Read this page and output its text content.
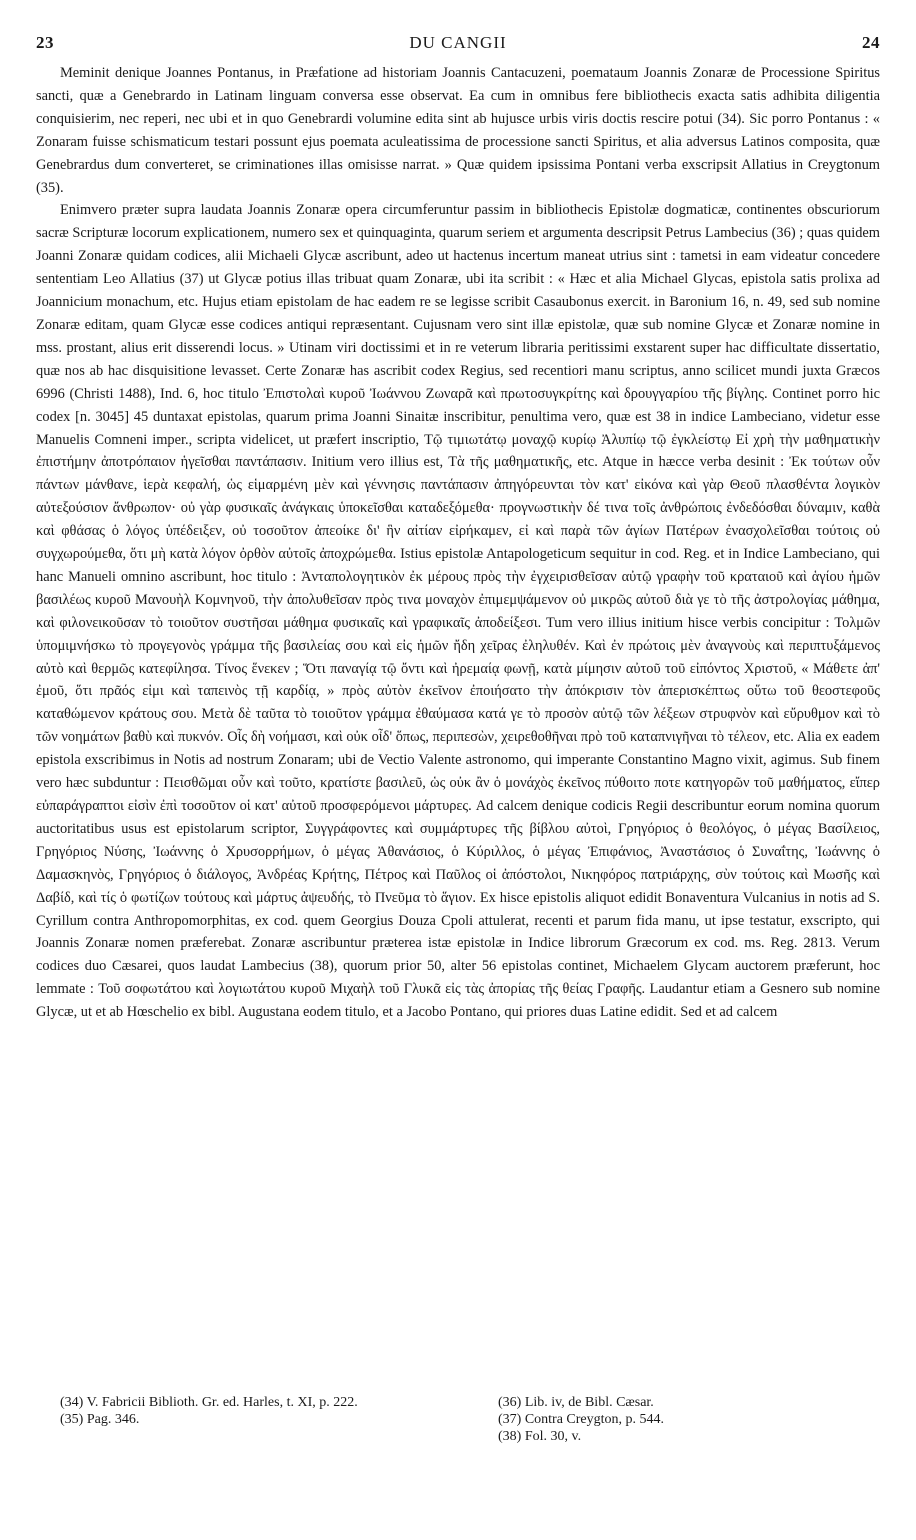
23	DU CANGII	24

Meminit denique Joannes Pontanus, in Præfatione ad historiam Joannis Cantacuzeni, poemataum Joannis Zonaræ de Processione Spiritus sancti, quæ a Genebrardo in Latinam linguam conversa esse observat. Ea cum in omnibus fere bibliothecis exacta satis adhibita diligentia conquisierim, nec reperi, nec ubi et in quo Genebrardi volumine edita sint ab hujusce urbis viris doctis rescire potui (34). Sic porro Pontanus : « Zonaram fuisse schismaticum testari possunt ejus poemata aculeatissima de processione sancti Spiritus, et alia adversus Latinos composita, quæ Genebrardus dum converteret, se criminationes illas omisisse narrat. » Quæ quidem ipsissima Pontani verba exscripsit Allatius in Creygtonum (35).

Enimvero præter supra laudata Joannis Zonaræ opera circumferuntur passim in bibliothecis Epistolæ dogmaticæ, continentes obscuriorum sacræ Scripturæ locorum explicationem, numero sex et quinquaginta, quarum seriem et argumenta descripsit Petrus Lambecius (36) ; quas quidem Joanni Zonaræ quidam codices, alii Michaeli Glycæ ascribunt, adeo ut hactenus incertum maneat utrius sint : tametsi in eam videatur concedere sententiam Leo Allatius (37) ut Glycæ potius illas tribuat quam Zonaræ, ubi ita scribit : « Hæc et alia Michael Glycas, epistola satis prolixa ad Joannicium monachum, etc. Hujus etiam epistolam de hac eadem re se legisse scribit Casaubonus exercit. in Baronium 16, n. 49, sed sub nomine Zonaræ editam, quam Glycæ esse codices antiqui repræsentant. Cujusnam vero sint illæ epistolæ, quæ sub nomine Glycæ et Zonaræ nomine in mss. prostant, alius erit disserendi locus. » Utinam viri doctissimi et in re veterum libraria peritissimi exstarent super hac difficultate dissertatio, quæ nos ab hac disquisitione levasset. Certe Zonaræ has ascribit codex Regius, sed recentiori manu scriptus, anno scilicet mundi juxta Græcos 6996 (Christi 1488), Ind. 6, hoc titulo Ἐπιστολαὶ κυροῦ Ἰωάννου Ζωναρᾶ καὶ πρωτοσυγκρίτης καὶ δρουγγαρίου τῆς βίγλης. Continet porro hic codex [n. 3045] 45 duntaxat epistolas, quarum prima Joanni Sinaitæ inscribitur, penultima vero, quæ est 38 in indice Lambeciano, videtur esse Manuelis Comneni imper., scripta videlicet, ut præfert inscriptio, Τῷ τιμιωτάτῳ μοναχῷ κυρίῳ Ἀλυπίῳ τῷ ἐγκλείστῳ Εἰ χρὴ τὴν μαθηματικὴν ἐπιστήμην ἀποτρόπαιον ἡγεῖσθαι παντάπασιν. Initium vero illius est, Τὰ τῆς μαθηματικῆς, etc. Atque in hæcce verba desinit : Ἐκ τούτων οὖν πάντων μάνθανε, ἱερὰ κεφαλή, ὡς εἱμαρμένη μὲν καὶ γέννησις παντάπασιν ἀπηγόρευνται τὸν κατ' εἰκόνα καὶ γὰρ Θεοῦ πλασθέντα λογικὸν αὐτεξούσιον ἄνθρωπον· οὐ γὰρ φυσικαῖς ἀνάγκαις ὑποκεῖσθαι καταδεξόμεθα· προγνωστικὴν δέ τινα τοῖς ἀνθρώποις ἐνδεδόσθαι δύναμιν, καθὰ καὶ φθάσας ὁ λόγος ὑπέδειξεν, οὐ τοσοῦτον ἀπεοίκε δι' ἣν αἰτίαν εἰρήκαμεν, εἰ καὶ παρὰ τῶν ἁγίων Πατέρων ἐνασχολεῖσθαι τούτοις οὐ συγχωρούμεθα, ὅτι μὴ κατὰ λόγον ὀρθὸν αὐτοῖς ἀποχρώμεθα. Istius epistolæ Antapologeticum sequitur in cod. Reg. et in Indice Lambeciano, qui hanc Manueli omnino ascribunt, hoc titulo : Ἀνταπολογητικὸν ἐκ μέρους πρὸς τὴν ἐγχειρισθεῖσαν αὐτῷ γραφὴν τοῦ κραταιοῦ καὶ ἁγίου ἡμῶν βασιλέως κυροῦ Μανουὴλ Κομνηνοῦ, τὴν ἀπολυθεῖσαν πρὸς τινα μοναχὸν ἐπιμεμψάμενον οὐ μικρῶς αὐτοῦ διὰ γε τὸ τῆς ἀστρολογίας μάθημα, καὶ φιλονεικοῦσαν τὸ τοιοῦτον συστῆσαι μάθημα φυσικαῖς καὶ γραφικαῖς ἀποδείξεσι. Tum vero illius initium hisce verbis concipitur : Τολμῶν ὑπομιμνήσκω τὸ προγεγονὸς γράμμα τῆς βασιλείας σου καὶ εἰς ἡμῶν ἤδη χεῖρας ἐληλυθέν. Καὶ ἐν πρώτοις μὲν ἀναγνοὺς καὶ περιπτυξάμενος αὐτὸ καὶ θερμῶς κατεφίλησα. Τίνος ἕνεκεν ; Ὅτι παναγίᾳ τῷ ὄντι καὶ ἠρεμαίᾳ φωνῇ, κατὰ μίμησιν αὐτοῦ τοῦ εἰπόντος Χριστοῦ, « Μάθετε ἀπ' ἐμοῦ, ὅτι πρᾶός εἰμι καὶ ταπεινὸς τῇ καρδίᾳ, » πρὸς αὐτὸν ἐκεῖνον ἐποιήσατο τὴν ἀπόκρισιν τὸν ἀπερισκέπτως οὕτω τοῦ θεοστεφοῦς καταθώμενον κράτους σου. Μετὰ δὲ ταῦτα τὸ τοιοῦτον γράμμα ἐθαύμασα κατά γε τὸ προσὸν αὐτῷ τῶν λέξεων στρυφνὸν καὶ εὔρυθμον καὶ τὸ τῶν νοημάτων βαθὺ καὶ πυκνόν. Οἷς δὴ νοήμασι, καὶ οὐκ οἶδ' ὅπως, περιπεσὼν, χειρεθοθῆναι πρὸ τοῦ καταπνιγῆναι τὸ τέλεον, etc. Alia ex eadem epistola exscribimus in Notis ad nostrum Zonaram; ubi de Vectio Valente astronomo, qui imperante Constantino Magno vixit, agimus. Sub finem vero hæc subduntur : Πεισθῶμαι οὖν καὶ τοῦτο, κρατίστε βασιλεῦ, ὡς οὐκ ἂν ὁ μονάχὸς ἐκεῖνος πύθοιτο ποτε κατηγορῶν τοῦ μαθήματος, εἴπερ εὐπαράγραπτοι εἰσὶν ἐπὶ τοσοῦτον οἱ κατ' αὐτοῦ προσφερόμενοι μάρτυρες. Ad calcem denique codicis Regii describuntur eorum nomina quorum auctoritatibus usus est epistolarum scriptor, Συγγράφοντες καὶ συμμάρτυρες τῆς βίβλου αὐτοὶ, Γρηγόριος ὁ θεολόγος, ὁ μέγας Βασίλειος, Γρηγόριος Νύσης, Ἰωάννης ὁ Χρυσορρήμων, ὁ μέγας Ἀθανάσιος, ὁ Κύριλλος, ὁ μέγας Ἐπιφάνιος, Ἀναστάσιος ὁ Συναΐτης, Ἰωάννης ὁ Δαμασκηνὸς, Γρηγόριος ὁ διάλογος, Ἀνδρέας Κρήτης, Πέτρος καὶ Παῦλος οἱ ἀπόστολοι, Νικηφόρος πατριάρχης, σὺν τούτοις καὶ Μωσῆς καὶ Δαβίδ, καὶ τίς ὁ φωτίζων τούτους καὶ μάρτυς ἀψευδής, τὸ Πνεῦμα τὸ ἅγιον. Ex hisce epistolis aliquot edidit Bonaventura Vulcanius in notis ad S. Cyrillum contra Anthropomorphitas, ex cod. quem Georgius Douza Cpoli attulerat, recenti et parum fida manu, ut ipse testatur, exscripto, qui Joannis Zonaræ nomen præferebat. Zonaræ ascribuntur præterea istæ epistolæ in Indice librorum Græcorum ex cod. ms. Reg. 2813. Verum codices duo Cæsarei, quos laudat Lambecius (38), quorum prior 50, alter 56 epistolas continet, Michaelem Glycam auctorem præferunt, hoc lemmate : Τοῦ σοφωτάτου καὶ λογιωτάτου κυροῦ Μιχαὴλ τοῦ Γλυκᾶ εἰς τὰς ἀπορίας τῆς θείας Γραφῆς. Laudantur etiam a Gesnero sub nomine Glycæ, ut et ab Hœschelio ex bibl. Augustana eodem titulo, et a Jacobo Pontano, qui priores duas Latine edidit. Sed et ad calcem

(34) V. Fabricii Biblioth. Gr. ed. Harles, t. XI, p. 222.
(35) Pag. 346.
(36) Lib. iv, de Bibl. Cæsar.
(37) Contra Creygton, p. 544.
(38) Fol. 30, v.
